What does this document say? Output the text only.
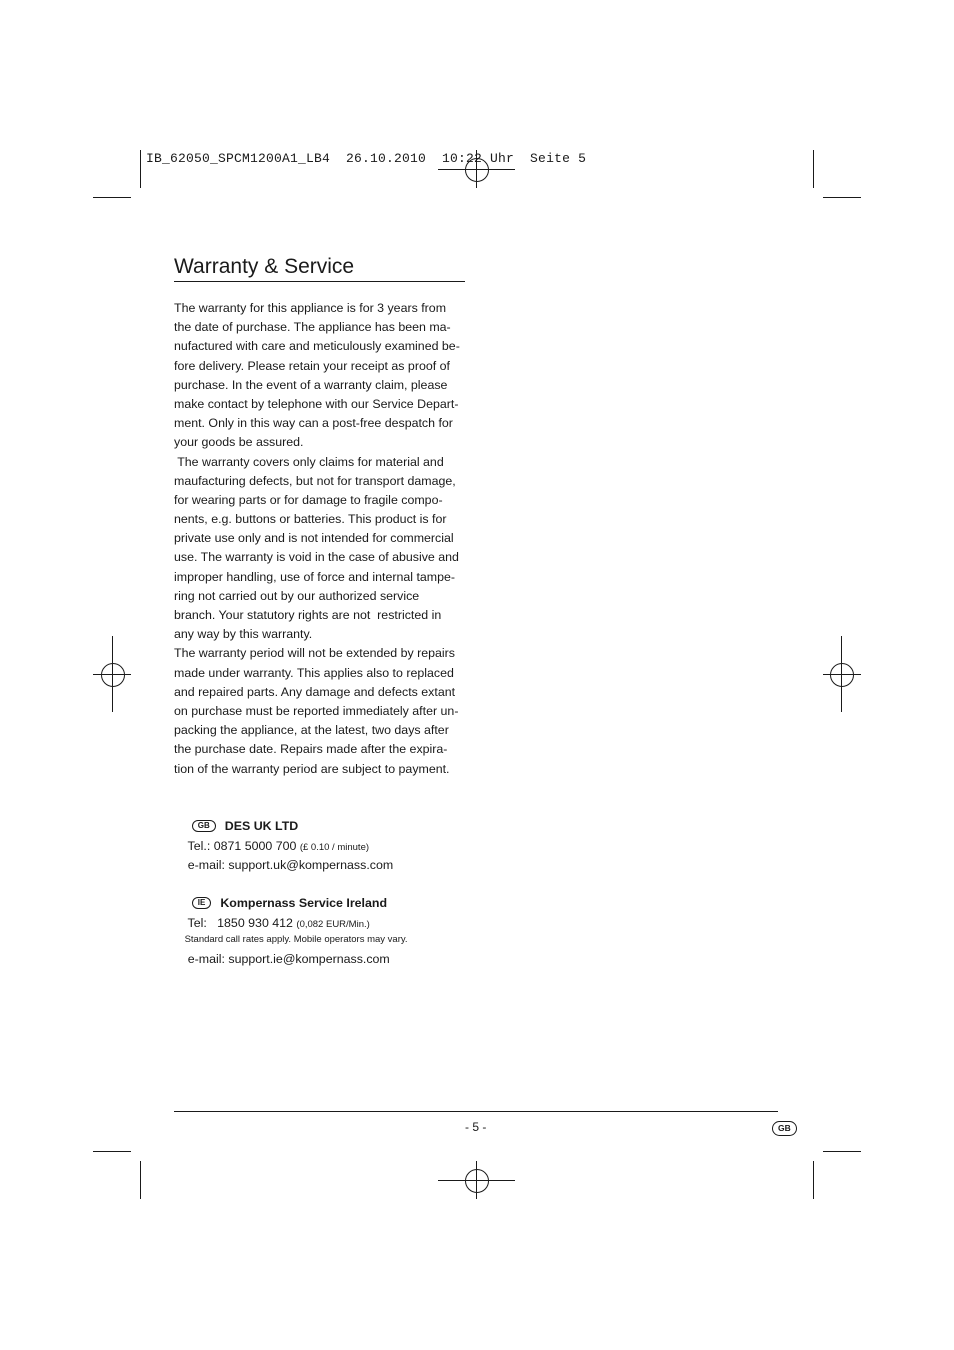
IB_62050_SPCM1200A1_LB4  26.10.2010  10:22 Uhr  Seite 5
Warranty & Service
The warranty for this appliance is for 3 years from
the date of purchase. The appliance has been ma-
nufactured with care and meticulously examined be-
fore delivery. Please retain your receipt as proof of
purchase. In the event of a warranty claim, please
make contact by telephone with our Service Depart-
ment. Only in this way can a post-free despatch for
your goods be assured.
The warranty covers only claims for material and
maufacturing defects, but not for transport damage,
for wearing parts or for damage to fragile compo-
nents, e.g. buttons or batteries. This product is for
private use only and is not intended for commercial
use. The warranty is void in the case of abusive and
improper handling, use of force and internal tampe-
ring not carried out by our authorized service
branch. Your statutory rights are not  restricted in
any way by this warranty.
The warranty period will not be extended by repairs
made under warranty. This applies also to replaced
and repaired parts. Any damage and defects extant
on purchase must be reported immediately after un-
packing the appliance, at the latest, two days after
the purchase date. Repairs made after the expira-
tion of the warranty period are subject to payment.

GB DES UK LTD

Tel.: 0871 5000 700 (£ 0.10 / minute)

e-mail: support.uk@kompernass.com

IE Kompernass Service Ireland

Tel:   1850 930 412 (0,082 EUR/Min.)

Standard call rates apply. Mobile operators may vary.

e-mail: support.ie@kompernass.com

- 5 -	GB
